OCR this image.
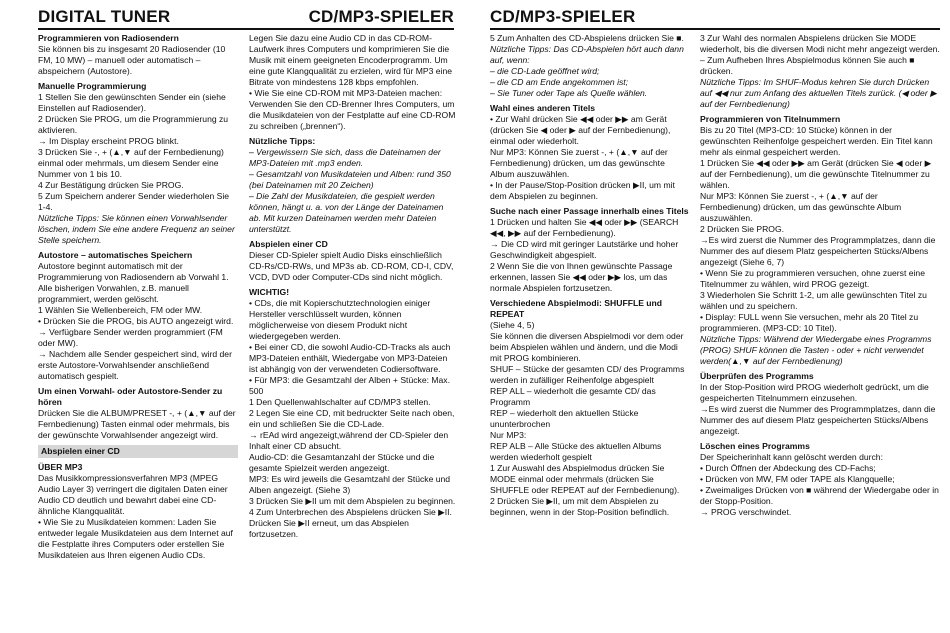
DIGITAL TUNER	CD/MP3-SPIELER

Programmieren von Radiosendern

Sie können bis zu insgesamt 20 Radiosender (10 FM, 10 MW) – manuell oder automatisch – abspeichern (Autostore).

Manuelle Programmierung

1 Stellen Sie den gewünschten Sender ein (siehe Einstellen auf Radiosender).

2 Drücken Sie PROG, um die Programmierung zu aktivieren.

→ Im Display erscheint PROG blinkt.

3 Drücken Sie -, + (▲,▼ auf der Fernbedienung) einmal oder mehrmals, um diesem Sender eine Nummer von 1 bis 10.

4 Zur Bestätigung drücken Sie PROG.

5 Zum Speichern anderer Sender wiederholen Sie 1-4.

Nützliche Tipps: Sie können einen Vorwahlsender löschen, indem Sie eine andere Frequenz an seiner Stelle speichern.

Autostore – automatisches Speichern

Autostore beginnt automatisch mit der Programmierung von Radiosendern ab Vorwahl 1. Alle bisherigen Vorwahlen, z.B. manuell programmiert, werden gelöscht.

1 Wählen Sie Wellenbereich, FM oder MW.

• Drücken Sie die PROG, bis AUTO angezeigt wird.

→ Verfügbare Sender werden programmiert (FM oder MW).

→ Nachdem alle Sender gespeichert sind, wird der erste Autostore-Vorwahlsender anschließend automatisch gespielt.

Um einen Vorwahl- oder Autostore-Sender zu hören

Drücken Sie die ALBUM/PRESET -, + (▲,▼ auf der Fernbedienung) Tasten einmal oder mehrmals, bis der gewünschte Vorwahlsender angezeigt wird.

Abspielen einer CD

ÜBER MP3

Das Musikkompressionsverfahren MP3 (MPEG Audio Layer 3) verringert die digitalen Daten einer Audio CD deutlich und bewahrt dabei eine CD-ähnliche Klangqualität.

• Wie Sie zu Musikdateien kommen: Laden Sie entweder legale Musikdateien aus dem Internet auf die Festplatte ihres Computers oder erstellen Sie Musikdateien aus Ihren eigenen Audio CDs.

Legen Sie dazu eine Audio CD in das CD-ROM-Laufwerk ihres Computers und komprimieren Sie die Musik mit einem geeigneten Encoderprogramm. Um eine gute Klangqualität zu erzielen, wird für MP3 eine Bitrate von mindestens 128 kbps empfohlen.

• Wie Sie eine CD-ROM mit MP3-Dateien machen: Verwenden Sie den CD-Brenner Ihres Computers, um die Musikdateien von der Festplatte auf eine CD-ROM zu schreiben („brennen“).

Nützliche Tipps:

– Vergewissern Sie sich, dass die Dateinamen der MP3-Dateien mit .mp3 enden.

– Gesamtzahl von Musikdateien und Alben: rund 350 (bei Dateinamen mit 20 Zeichen)

– Die Zahl der Musikdateien, die gespielt werden können, hängt u. a. von der Länge der Dateinamen ab. Mit kurzen Dateinamen werden mehr Dateien unterstützt.

Abspielen einer CD

Dieser CD-Spieler spielt Audio Disks einschließlich CD-Rs/CD-RWs, und MP3s ab. CD-ROM, CD-I, CDV, VCD, DVD oder Computer-CDs sind nicht möglich.

WICHTIG!

• CDs, die mit Kopierschutztechnologien einiger Hersteller verschlüsselt wurden, können möglicherweise von diesem Produkt nicht wiedergegeben werden.

• Bei einer CD, die sowohl Audio-CD-Tracks als auch MP3-Dateien enthält, Wiedergabe von MP3-Dateien ist abhängig von der verwendeten Codiersoftware.

• Für MP3: die Gesamtzahl der Alben + Stücke: Max. 500

1 Den Quellenwahlschalter auf CD/MP3 stellen.

2 Legen Sie eine CD, mit bedruckter Seite nach oben, ein und schließen Sie die CD-Lade.

→ rEAd wird angezeigt,während der CD-Spieler den Inhalt einer CD absucht.

Audio-CD: die Gesamtanzahl der Stücke und die gesamte Spielzeit werden angezeigt.

MP3: Es wird jeweils die Gesamtzahl der Stücke und Alben angezeigt. (Siehe 3)

3 Drücken Sie ▶II um mit dem Abspielen zu beginnen.

4 Zum Unterbrechen des Abspielens drücken Sie ▶II. Drücken Sie ▶II erneut, um das Abspielen fortzusetzen.

CD/MP3-SPIELER

5 Zum Anhalten des CD-Abspielens drücken Sie ■.

Nützliche Tipps: Das CD-Abspielen hört auch dann auf, wenn:

– die CD-Lade geöffnet wird;

– die CD am Ende angekommen ist;

– Sie Tuner oder Tape als Quelle wählen.

Wahl eines anderen Titels

• Zur Wahl drücken Sie ◀◀ oder ▶▶ am Gerät (drücken Sie ◀ oder ▶ auf der Fernbedienung), einmal oder wiederholt.

Nur MP3: Können Sie zuerst -, + (▲,▼ auf der Fernbedienung) drücken, um das gewünschte Album auszuwählen.

• In der Pause/Stop-Position drücken ▶II, um mit dem Abspielen zu beginnen.

Suche nach einer Passage innerhalb eines Titels

1 Drücken und halten Sie ◀◀ oder ▶▶ (SEARCH ◀◀, ▶▶ auf der Fernbedienung).

→ Die CD wird mit geringer Lautstärke und hoher Geschwindigkeit abgespielt.

2 Wenn Sie die von Ihnen gewünschte Passage erkennen, lassen Sie ◀◀ oder ▶▶ los, um das normale Abspielen fortzusetzen.

Verschiedene Abspielmodi: SHUFFLE und REPEAT

(Siehe 4, 5)

Sie können die diversen Abspielmodi vor dem oder beim Abspielen wählen und ändern, und die Modi mit PROG kombinieren.

SHUF – Stücke der gesamten CD/ des Programms werden in zufälliger Reihenfolge abgespielt

REP ALL – wiederholt die gesamte CD/ das Programm

REP – wiederholt den aktuellen Stücke ununterbrochen

Nur MP3:

REP ALB – Alle Stücke des aktuellen Albums werden wiederholt gespielt

1 Zur Auswahl des Abspielmodus drücken Sie MODE einmal oder mehrmals (drücken Sie SHUFFLE oder REPEAT auf der Fernbedienung).

2 Drücken Sie ▶II, um mit dem Abspielen zu beginnen, wenn in der Stop-Position befindlich.

3 Zur Wahl des normalen Abspielens drücken Sie MODE wiederholt, bis die diversen Modi nicht mehr angezeigt werden.

– Zum Aufheben Ihres Abspielmodus können Sie auch ■ drücken.

Nützliche Tipps: Im SHUF-Modus kehren Sie durch Drücken auf ◀◀ nur zum Anfang des aktuellen Titels zurück. (◀ oder ▶ auf der Fernbedienung)

Programmieren von Titelnummern

Bis zu 20 Titel (MP3-CD: 10 Stücke) können in der gewünschten Reihenfolge gespeichert werden. Ein Titel kann mehr als einmal gespeichert werden.

1 Drücken Sie ◀◀ oder ▶▶ am Gerät (drücken Sie ◀ oder ▶ auf der Fernbedienung), um die gewünschte Titelnummer zu wählen.

Nur MP3: Können Sie zuerst -, + (▲,▼ auf der Fernbedienung) drücken, um das gewünschte Album auszuwählen.

2 Drücken Sie PROG.

→Es wird zuerst die Nummer des Programmplatzes, dann die Nummer des auf diesem Platz gespeicherten Stücks/Albens angezeigt (Siehe 6, 7)

• Wenn Sie zu programmieren versuchen, ohne zuerst eine Titelnummer zu wählen, wird PROG gezeigt.

3 Wiederholen Sie Schritt 1-2, um alle gewünschten Titel zu wählen und zu speichern.

• Display: FULL wenn Sie versuchen, mehr als 20 Titel zu programmieren. (MP3-CD: 10 Titel).

Nützliche Tipps: Während der Wiedergabe eines Programms (PROG) SHUF können die Tasten - oder + nicht verwendet werden(▲,▼ auf der Fernbedienung)

Überprüfen des Programms

In der Stop-Position wird PROG wiederholt gedrückt, um die gespeicherten Titelnummern einzusehen.

→Es wird zuerst die Nummer des Programmplatzes, dann die Nummer des auf diesem Platz gespeicherten Stücks/Albens angezeigt.

Löschen eines Programms

Der Speicherinhalt kann gelöscht werden durch:

• Durch Öffnen der Abdeckung des CD-Fachs;

• Drücken von MW, FM oder TAPE als Klangquelle;

• Zweimaliges Drücken von ■ während der Wiedergabe oder in der Stopp-Position.

→ PROG verschwindet.
